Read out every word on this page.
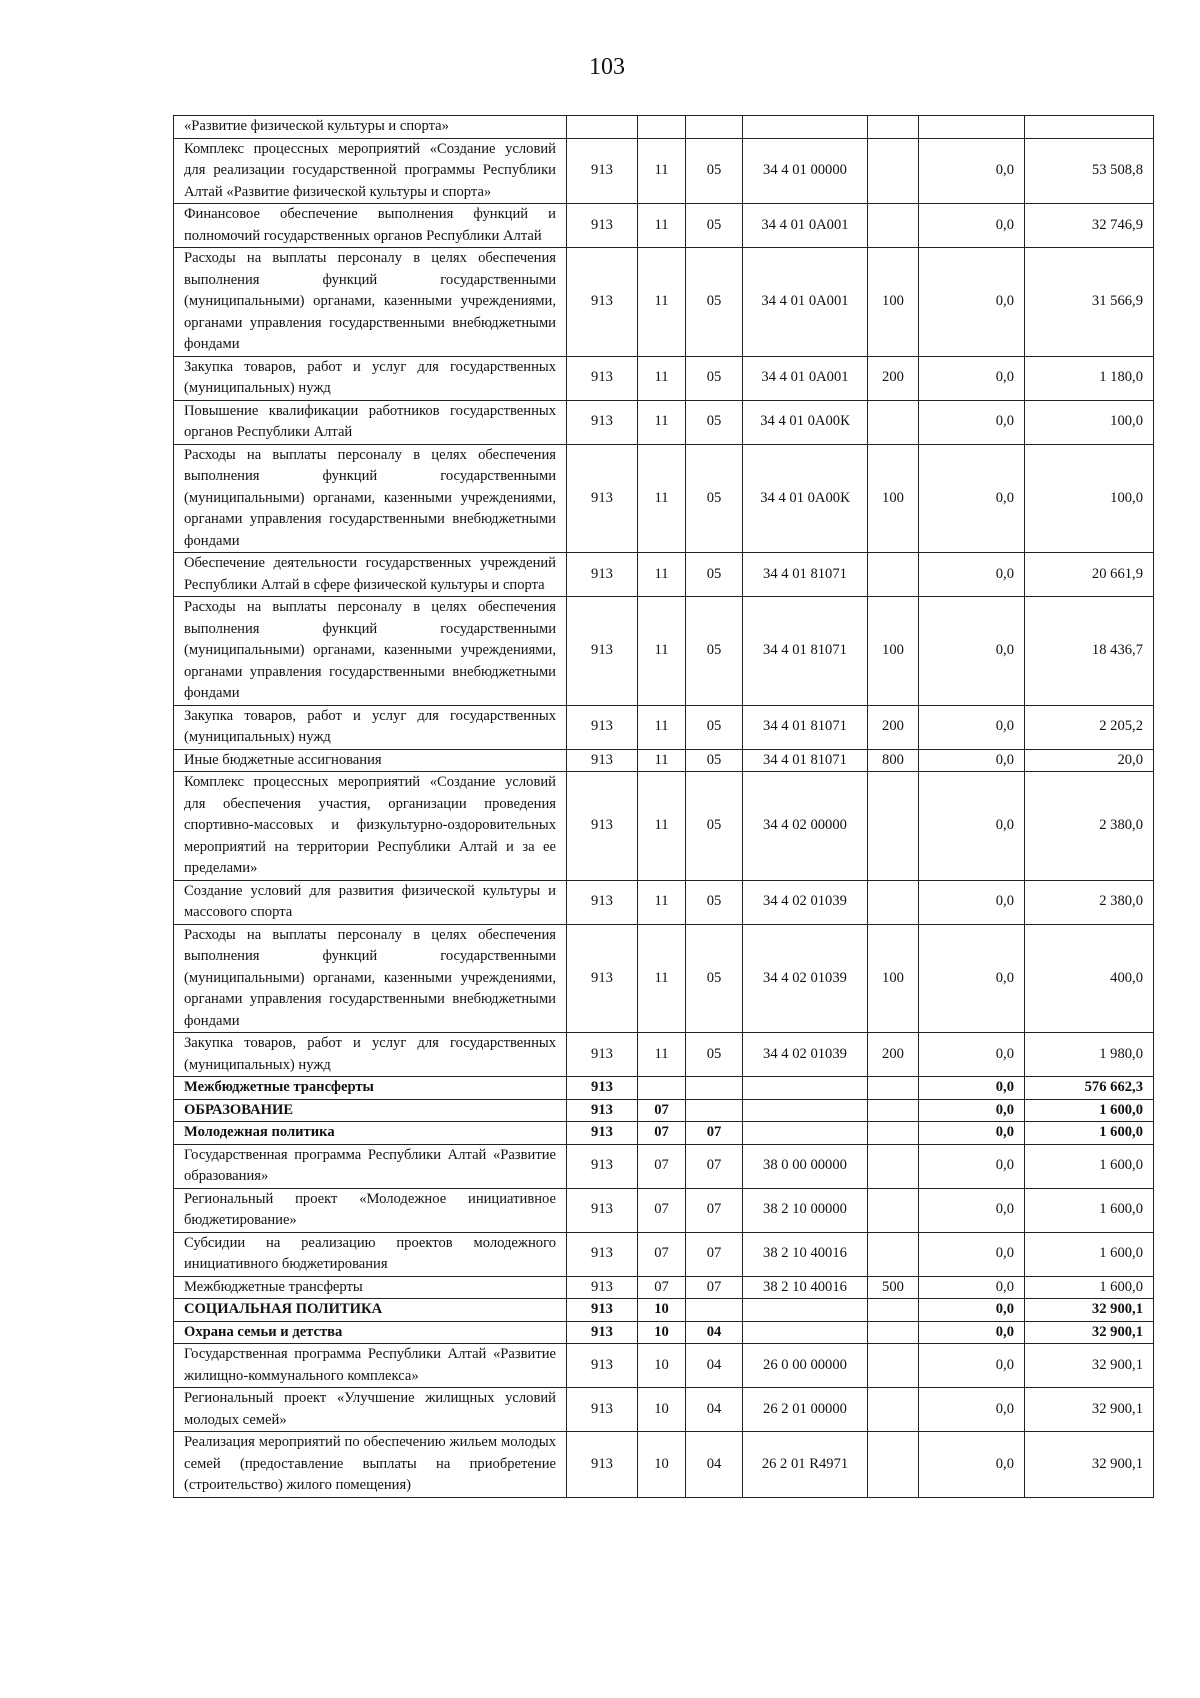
103
«Развитие физической культуры и спорта»							
Комплекс процессных мероприятий «Создание условий для реализации государственной программы Республики Алтай «Развитие физической культуры и спорта»	913	11	05	34 4 01 00000		0,0	53 508,8
Финансовое обеспечение выполнения функций и полномочий государственных органов Республики Алтай	913	11	05	34 4 01 0А001		0,0	32 746,9
Расходы на выплаты персоналу в целях обеспечения выполнения функций государственными (муниципальными) органами, казенными учреждениями, органами управления государственными внебюджетными фондами	913	11	05	34 4 01 0А001	100	0,0	31 566,9
Закупка товаров, работ и услуг для государственных (муниципальных) нужд	913	11	05	34 4 01 0А001	200	0,0	1 180,0
Повышение квалификации работников государственных органов Республики Алтай	913	11	05	34 4 01 0А00К		0,0	100,0
Расходы на выплаты персоналу в целях обеспечения выполнения функций государственными (муниципальными) органами, казенными учреждениями, органами управления государственными внебюджетными фондами	913	11	05	34 4 01 0А00К	100	0,0	100,0
Обеспечение деятельности государственных учреждений Республики Алтай в сфере физической культуры и спорта	913	11	05	34 4 01 81071		0,0	20 661,9
Расходы на выплаты персоналу в целях обеспечения выполнения функций государственными (муниципальными) органами, казенными учреждениями, органами управления государственными внебюджетными фондами	913	11	05	34 4 01 81071	100	0,0	18 436,7
Закупка товаров, работ и услуг для государственных (муниципальных) нужд	913	11	05	34 4 01 81071	200	0,0	2 205,2
Иные бюджетные ассигнования	913	11	05	34 4 01 81071	800	0,0	20,0
Комплекс процессных мероприятий «Создание условий для обеспечения участия, организации проведения спортивно-массовых и физкультурно-оздоровительных мероприятий на территории Республики Алтай и за ее пределами»	913	11	05	34 4 02 00000		0,0	2 380,0
Создание условий для развития физической культуры и массового спорта	913	11	05	34 4 02 01039		0,0	2 380,0
Расходы на выплаты персоналу в целях обеспечения выполнения функций государственными (муниципальными) органами, казенными учреждениями, органами управления государственными внебюджетными фондами	913	11	05	34 4 02 01039	100	0,0	400,0
Закупка товаров, работ и услуг для государственных (муниципальных) нужд	913	11	05	34 4 02 01039	200	0,0	1 980,0
Межбюджетные трансферты	913					0,0	576 662,3
ОБРАЗОВАНИЕ	913	07				0,0	1 600,0
Молодежная политика	913	07	07			0,0	1 600,0
Государственная программа Республики Алтай «Развитие образования»	913	07	07	38 0 00 00000		0,0	1 600,0
Региональный проект «Молодежное инициативное бюджетирование»	913	07	07	38 2 10 00000		0,0	1 600,0
Субсидии на реализацию проектов молодежного инициативного бюджетирования	913	07	07	38 2 10 40016		0,0	1 600,0
Межбюджетные трансферты	913	07	07	38 2 10 40016	500	0,0	1 600,0
СОЦИАЛЬНАЯ ПОЛИТИКА	913	10				0,0	32 900,1
Охрана семьи и детства	913	10	04			0,0	32 900,1
Государственная программа Республики Алтай «Развитие жилищно-коммунального комплекса»	913	10	04	26 0 00 00000		0,0	32 900,1
Региональный проект «Улучшение жилищных условий молодых семей»	913	10	04	26 2 01 00000		0,0	32 900,1
Реализация мероприятий по обеспечению жильем молодых семей (предоставление выплаты на приобретение (строительство) жилого помещения)	913	10	04	26 2 01 R4971		0,0	32 900,1
